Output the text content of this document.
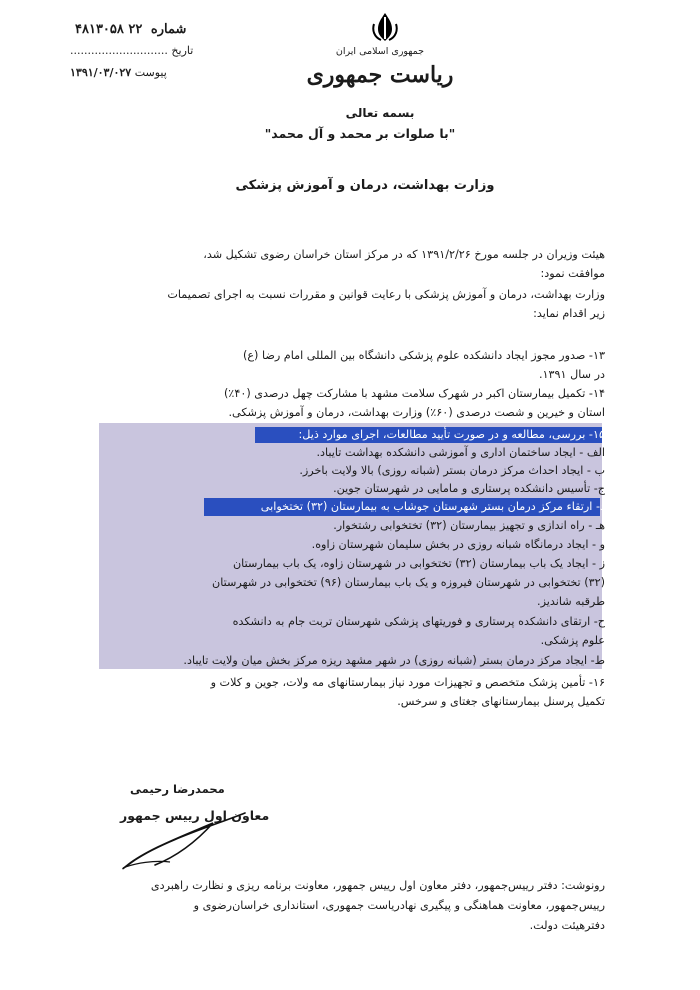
۴۸۱۳۰۵۸ ۲۲ شماره
تاریخ ............................
پیوست ۱۳۹۱/۰۳/۰۲۷
جمهوری اسلامی ایران
ریاست جمهوری
بسمه تعالی
"با صلوات بر محمد و آل محمد"
وزارت بهداشت، درمان و آموزش پزشکی
هیئت وزیران در جلسه مورخ ۱۳۹۱/۲/۲۶ که در مرکز استان خراسان رضوی تشکیل شد،
موافقت نمود:
وزارت بهداشت، درمان و آموزش پزشکی با رعایت قوانین و مقررات نسبت به اجرای تصمیمات
زیر اقدام نماید:
۱۳- صدور مجوز ایجاد دانشکده علوم پزشکی دانشگاه بین المللی امام رضا (ع)
در سال ۱۳۹۱.
۱۴- تکمیل بیمارستان اکبر در شهرک سلامت مشهد با مشارکت چهل درصدی (۴۰٪)
استان و خیرین و شصت درصدی (۶۰٪) وزارت بهداشت، درمان و آموزش پزشکی.
۱۵- بررسی، مطالعه و در صورت تأیید مطالعات، اجرای موارد ذیل:
الف - ایجاد ساختمان اداری و آموزشی دانشکده بهداشت تایباد.
ب - ایجاد احداث مرکز درمان بستر (شبانه روزی) بالا ولایت باخرز.
ج- تأسیس دانشکده پرستاری و مامایی در شهرستان جوین.
د- ارتقاء مرکز درمان بستر شهرستان جوشاب به بیمارستان (۳۲) تختخوابی
هـ - راه اندازی و تجهیز بیمارستان (۳۲) تختخوابی رشتخوار.
و - ایجاد درمانگاه شبانه روزی در بخش سلیمان شهرستان زاوه.
ز - ایجاد یک باب بیمارستان (۳۲) تختخوابی در شهرستان زاوه، یک باب بیمارستان
(۳۲) تختخوابی در شهرستان فیروزه و یک باب بیمارستان (۹۶) تختخوابی در شهرستان
طرقبه شاندیز.
ح- ارتقای دانشکده پرستاری و فوریتهای پزشکی شهرستان تربت جام به دانشکده
علوم پزشکی.
ط- ایجاد مرکز درمان بستر (شبانه روزی) در شهر مشهد ریزه مرکز بخش میان ولایت تایباد.
۱۶- تأمین پزشک متخصص و تجهیزات مورد نیاز بیمارستانهای مه ولات، جوین و کلات و
تکمیل پرسنل بیمارستانهای جغتای و سرخس.
محمدرضا رحیمی
معاون اول رییس جمهور
رونوشت: دفتر رییس‌جمهور، دفتر معاون اول رییس جمهور، معاونت برنامه ریزی و نظارت راهبردی
رییس‌جمهور، معاونت هماهنگی و پیگیری نهادریاست جمهوری، استانداری خراسان‌رضوی و
دفترهیئت دولت.
